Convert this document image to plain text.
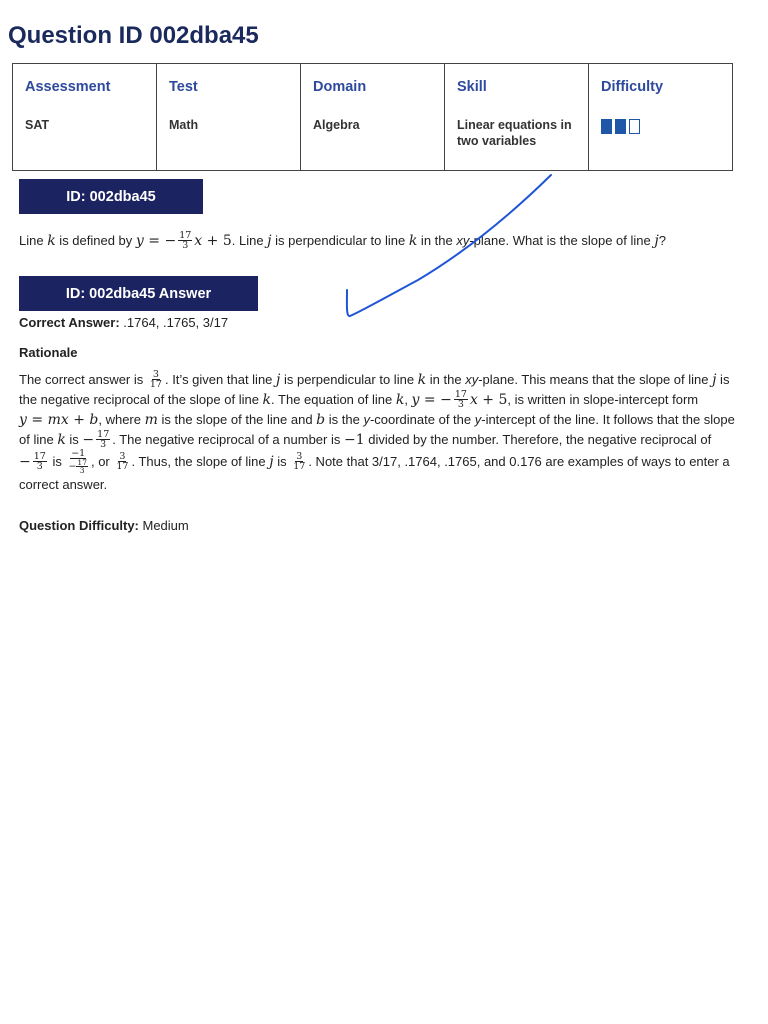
Question ID 002dba45
Assessment	Test	Domain	Skill	Difficulty
SAT	Math	Algebra	Linear equations in two variables	
ID: 002dba45
Line k is defined by y = − $\frac{17}{3}$ x + 5. Line j is perpendicular to line k in the xy-plane. What is the slope of line j?
ID: 002dba45 Answer
Correct Answer: .1764, .1765, 3/17
Rationale
The correct answer is $\frac{3}{17}$ . It’s given that line j is perpendicular to line k in the xy-plane. This means that the slope of line j is
the negative reciprocal of the slope of line k. The equation of line k, y = − $\frac{17}{3}$ x + 5, is written in slope-intercept form
y = mx + b, where m is the slope of the line and b is the y-coordinate of the y-intercept of the line. It follows that the slope
of line k is − $\frac{17}{3}$ . The negative reciprocal of a number is −1 divided by the number. Therefore, the negative reciprocal of
− $\frac{17}{3}$ is $\frac{-1}{- \frac{17}{3}}$ , or $\frac{3}{17}$ . Thus, the slope of line j is $\frac{3}{17}$ . Note that 3/17, .1764, .1765, and 0.176 are examples of ways to enter a
correct answer.
Question Difficulty: Medium
